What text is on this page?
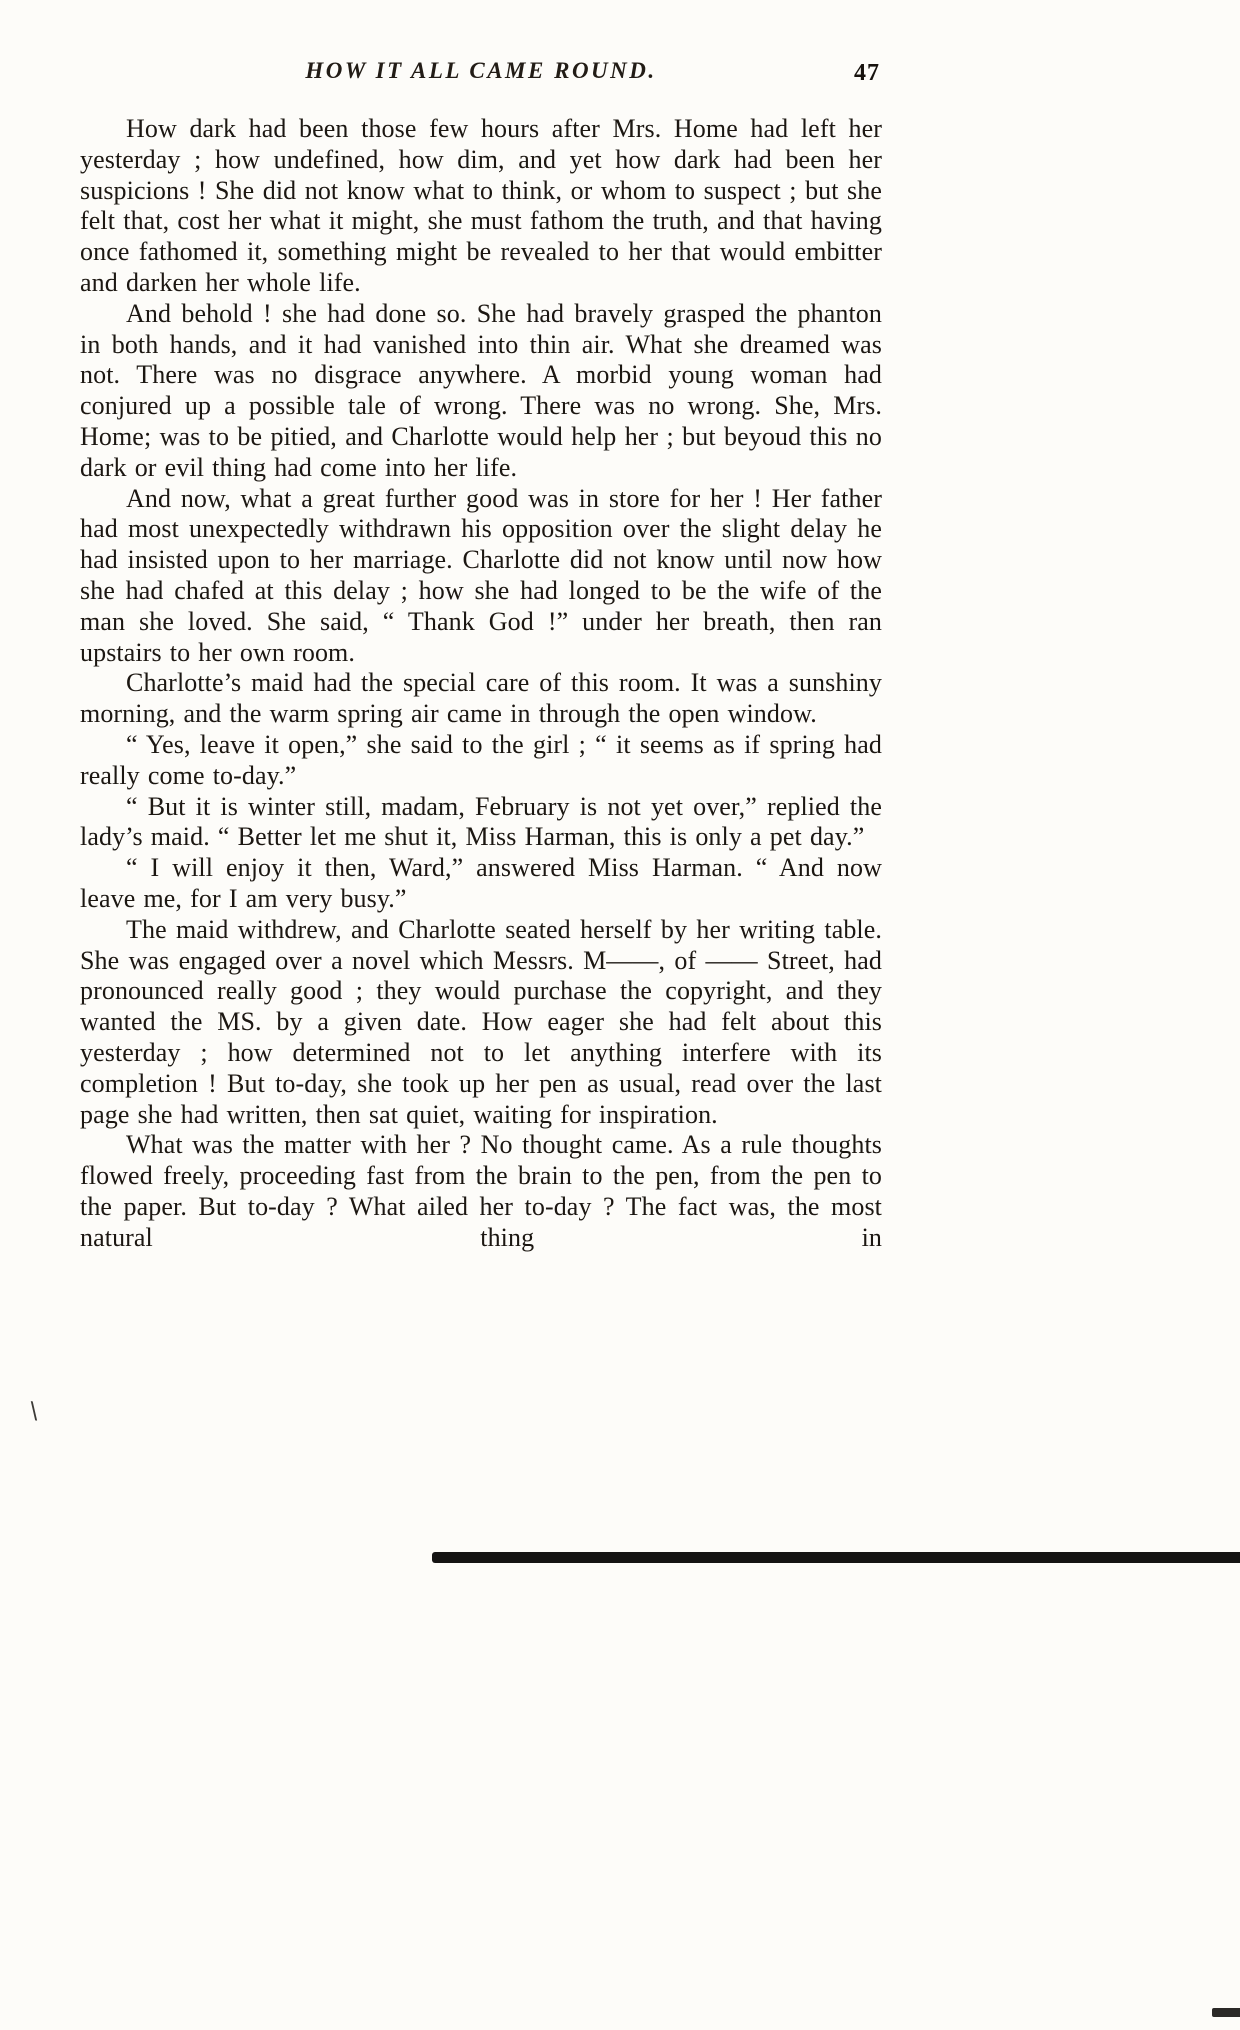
HOW IT ALL CAME ROUND.	47

How dark had been those few hours after Mrs. Home had left her yesterday ; how undefined, how dim, and yet how dark had been her suspicions ! She did not know what to think, or whom to suspect ; but she felt that, cost her what it might, she must fathom the truth, and that having once fathomed it, something might be revealed to her that would embitter and darken her whole life.

And behold ! she had done so. She had bravely grasped the phanton in both hands, and it had vanished into thin air. What she dreamed was not. There was no disgrace anywhere. A morbid young woman had conjured up a possible tale of wrong. There was no wrong. She, Mrs. Home; was to be pitied, and Charlotte would help her ; but beyoud this no dark or evil thing had come into her life.

And now, what a great further good was in store for her ! Her father had most unexpectedly withdrawn his opposition over the slight delay he had insisted upon to her marriage. Charlotte did not know until now how she had chafed at this delay ; how she had longed to be the wife of the man she loved. She said, “ Thank God !” under her breath, then ran upstairs to her own room.

Charlotte’s maid had the special care of this room. It was a sunshiny morning, and the warm spring air came in through the open window.

“ Yes, leave it open,” she said to the girl ; “ it seems as if spring had really come to-day.”

“ But it is winter still, madam, February is not yet over,” replied the lady’s maid. “ Better let me shut it, Miss Harman, this is only a pet day.”

“ I will enjoy it then, Ward,” answered Miss Harman. “ And now leave me, for I am very busy.”

The maid withdrew, and Charlotte seated herself by her writing table. She was engaged over a novel which Messrs. M——, of —— Street, had pronounced really good ; they would purchase the copyright, and they wanted the MS. by a given date. How eager she had felt about this yesterday ; how determined not to let anything interfere with its completion ! But to-day, she took up her pen as usual, read over the last page she had written, then sat quiet, waiting for inspiration.

What was the matter with her ? No thought came. As a rule thoughts flowed freely, proceeding fast from the brain to the pen, from the pen to the paper. But to-day ? What ailed her to-day ? The fact was, the most natural thing in

\
